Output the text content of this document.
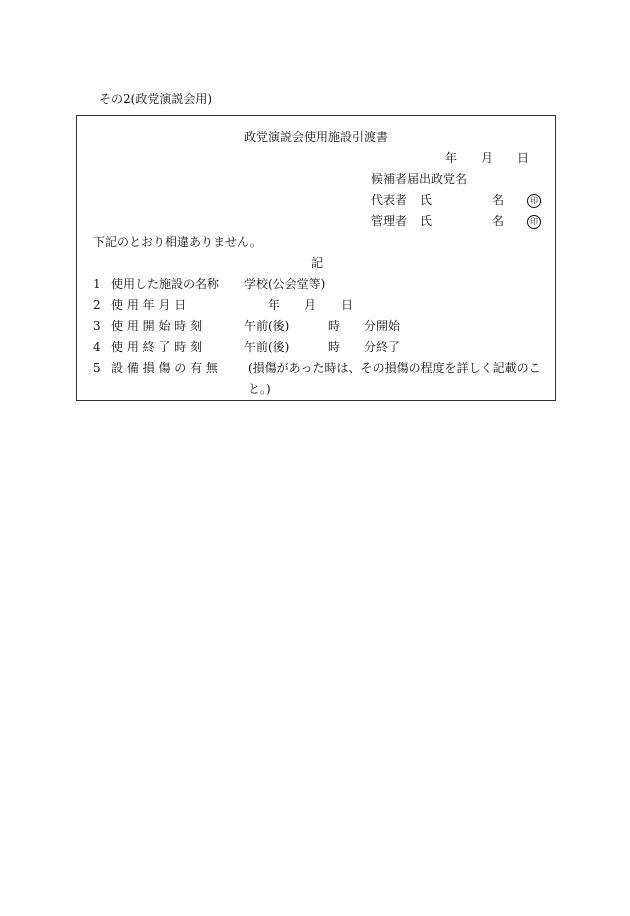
その2(政党演説会用)
政党演説会使用施設引渡書
年 月 日
候補者届出政党名
代表者 氏	名	印
管理者 氏	名	印
下記のとおり相違ありません。
記
1 使用した施設の名称 学校(公会堂等)
2 使 用 年 月 日	年 月 日
3 使 用 開 始 時 刻	午前(後)	時 分開始
4 使 用 終 了 時 刻	午前(後)	時 分終了
5 設 備 損 傷 の 有 無	(損傷があった時は、その損傷の程度を詳しく記載のこ
と。)
